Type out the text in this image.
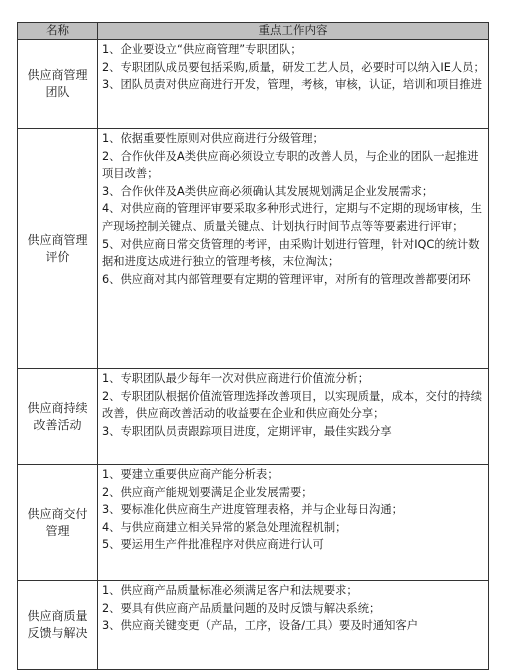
名称	重点工作内容
供应商管理团队

1、企业要设立“供应商管理”专职团队；

2、专职团队成员要包括采购,质量，研发工艺人员，必要时可以纳入IE人员；

3、团队员责对供应商进行开发，管理，考核，审核，认证，培训和项目推进

供应商管理评价

1、依据重要性原则对供应商进行分级管理；

2、合作伙伴及A类供应商必须设立专职的改善人员，与企业的团队一起推进项目改善；

3、合作伙伴及A类供应商必须确认其发展规划满足企业发展需求；

4、对供应商的管理评审要采取多种形式进行，定期与不定期的现场审核，生产现场控制关键点、质量关键点、计划执行时间节点等等要素进行评审；

5、对供应商日常交货管理的考评，由采购计划进行管理，针对IQC的统计数据和进度达成进行独立的管理考核，末位淘汰；

6、供应商对其内部管理要有定期的管理评审，对所有的管理改善都要闭环

供应商持续改善活动

1、专职团队最少每年一次对供应商进行价值流分析；

2、专职团队根据价值流管理选择改善项目，以实现质量，成本，交付的持续改善，供应商改善活动的收益要在企业和供应商处分享；

3、专职团队员责跟踪项目进度，定期评审，最佳实践分享

供应商交付管理

1、要建立重要供应商产能分析表；

2、供应商产能规划要满足企业发展需要；

3、要标准化供应商生产进度管理表格，并与企业每日沟通；

4、与供应商建立相关异常的紧急处理流程机制；

5、要运用生产件批准程序对供应商进行认可

供应商质量反馈与解决

1、供应商产品质量标准必须满足客户和法规要求；

2、要具有供应商产品质量问题的及时反馈与解决系统；

3、供应商关键变更（产品，工序，设备/工具）要及时通知客户
